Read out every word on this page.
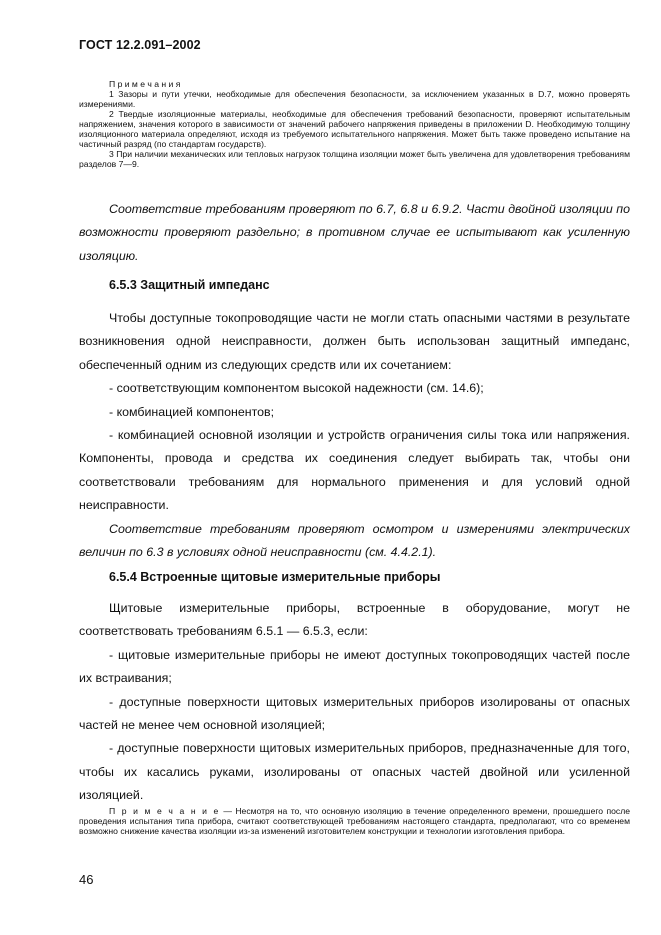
ГОСТ 12.2.091–2002

П р и м е ч а н и я

1 Зазоры и пути утечки, необходимые для обеспечения безопасности, за исключением указанных в D.7, можно проверять измерениями.

2 Твердые изоляционные материалы, необходимые для обеспечения требований безопасности, проверяют испытательным напряжением, значения которого в зависимости от значений рабочего напряжения приведены в приложении D. Необходимую толщину изоляционного материала определяют, исходя из требуемого испытательного напряжения. Может быть также проведено испытание на частичный разряд (по стандартам государств).

3 При наличии механических или тепловых нагрузок толщина изоляции может быть увеличена для удовлетворения требованиям разделов 7—9.

Соответствие требованиям проверяют по 6.7, 6.8 и 6.9.2. Части двойной изоляции по возможности проверяют раздельно; в противном случае ее испытывают как усиленную изоляцию.

6.5.3 Защитный импеданс

Чтобы доступные токопроводящие части не могли стать опасными частями в результате возникновения одной неисправности, должен быть использован защитный импеданс, обеспеченный одним из следующих средств или их сочетанием:

- соответствующим компонентом высокой надежности (см. 14.6);

- комбинацией компонентов;

- комбинацией основной изоляции и устройств ограничения силы тока или напряжения. Компоненты, провода и средства их соединения следует выбирать так, чтобы они соответствовали требованиям для нормального применения и для условий одной неисправности.

Соответствие требованиям проверяют осмотром и измерениями электрических величин по 6.3 в условиях одной неисправности (см. 4.4.2.1).

6.5.4 Встроенные щитовые измерительные приборы

Щитовые измерительные приборы, встроенные в оборудование, могут не соответствовать требованиям 6.5.1 — 6.5.3, если:

- щитовые измерительные приборы не имеют доступных токопроводящих частей после их встраивания;

- доступные поверхности щитовых измерительных приборов изолированы от опасных частей не менее чем основной изоляцией;

- доступные поверхности щитовых измерительных приборов, предназначенные для того, чтобы их касались руками, изолированы от опасных частей двойной или усиленной изоляцией.

П р и м е ч а н и е — Несмотря на то, что основную изоляцию в течение определенного времени, прошедшего после проведения испытания типа прибора, считают соответствующей требованиям настоящего стандарта, предполагают, что со временем возможно снижение качества изоляции из-за изменений изготовителем конструкции и технологии изготовления прибора.

46
